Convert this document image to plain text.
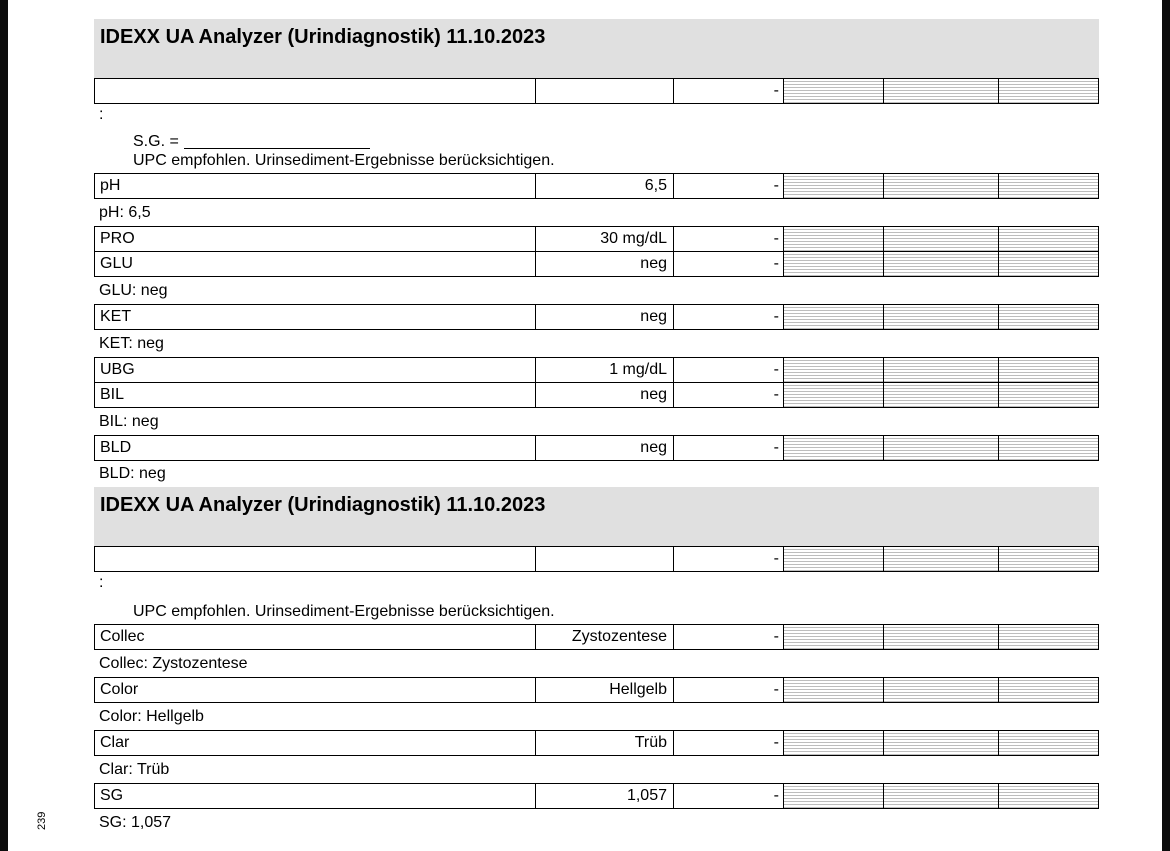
239
IDEXX UA Analyzer (Urindiagnostik) 11.10.2023
-
:
S.G. =
UPC empfohlen. Urinsediment-Ergebnisse berücksichtigen.
pH	6,5	-
pH: 6,5
PRO	30 mg/dL	-
GLU	neg	-
GLU: neg
KET	neg	-
KET: neg
UBG	1 mg/dL	-
BIL	neg	-
BIL: neg
BLD	neg	-
BLD: neg
IDEXX UA Analyzer (Urindiagnostik) 11.10.2023
-
:
UPC empfohlen. Urinsediment-Ergebnisse berücksichtigen.
Collec	Zystozentese	-
Collec: Zystozentese
Color	Hellgelb	-
Color: Hellgelb
Clar	Trüb	-
Clar: Trüb
SG	1,057	-
SG: 1,057
